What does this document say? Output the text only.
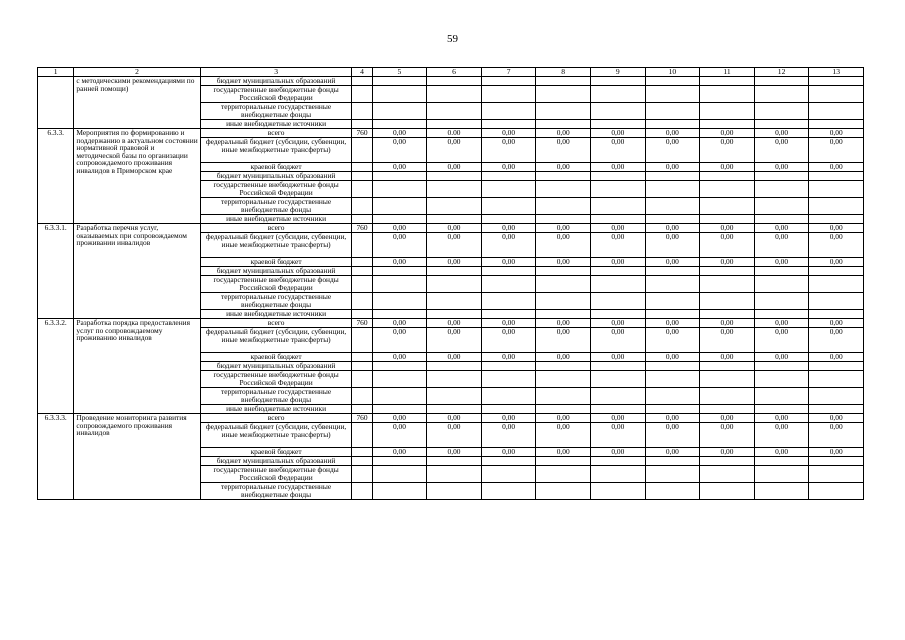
59
1	2	3	4	5	6	7	8	9	10	11	12	13
	с методическими рекомендациями по ранней помощи)	бюджет муниципальных образований										
		государственные внебюджетные фонды Российской Федерации										
		территориальные государственные внебюджетные фонды										
		иные внебюджетные источники										
6.3.3.	Мероприятия по формированию и поддержанию в актуальном состоянии нормативной правовой и методической базы по организации сопровождаемого проживания инвалидов в Приморском крае	всего	760	0,00	0.00	0,00	0,00	0,00	0,00	0,00	0,00	0,00
		федеральный бюджет (субсидии, субвенции, иные межбюджетные трансферты)		0,00	0,00	0,00	0,00	0,00	0,00	0,00	0,00	0,00
		краевой бюджет		0,00	0,00	0,00	0,00	0,00	0,00	0,00	0,00	0,00
		бюджет муниципальных образований										
		государственные внебюджетные фонды Российской Федерации										
		территориальные государственные внебюджетные фонды										
		иные внебюджетные источники										
6.3.3.1.	Разработка перечня услуг, оказываемых при сопровождаемом проживании инвалидов	всего	760	0,00	0,00	0,00	0,00	0,00	0,00	0,00	0,00	0,00
		федеральный бюджет (субсидии, субвенции, иные межбюджетные трансферты)		0,00	0,00	0,00	0,00	0,00	0,00	0,00	0,00	0,00
		краевой бюджет		0,00	0,00	0,00	0,00	0,00	0,00	0,00	0,00	0,00
		бюджет муниципальных образований										
		государственные внебюджетные фонды Российской Федерации										
		территориальные государственные внебюджетные фонды										
		иные внебюджетные источники										
6.3.3.2.	Разработка порядка предоставления услуг по сопровождаемому проживанию инвалидов	всего	760	0,00	0,00	0,00	0,00	0,00	0,00	0,00	0,00	0,00
		федеральный бюджет (субсидии, субвенции, иные межбюджетные трансферты)		0,00	0,00	0,00	0,00	0,00	0,00	0,00	0,00	0,00
		краевой бюджет		0,00	0,00	0,00	0,00	0,00	0,00	0,00	0,00	0,00
		бюджет муниципальных образований										
		государственные внебюджетные фонды Российской Федерации										
		территориальные государственные внебюджетные фонды										
		иные внебюджетные источники										
6.3.3.3.	Проведение мониторинга развития сопровождаемого проживания инвалидов	всего	760	0,00	0,00	0,00	0,00	0,00	0,00	0,00	0,00	0,00
		федеральный бюджет (субсидии, субвенции, иные межбюджетные трансферты)		0,00	0,00	0,00	0,00	0,00	0,00	0,00	0,00	0,00
		краевой бюджет		0,00	0,00	0,00	0,00	0,00	0,00	0,00	0,00	0,00
		бюджет муниципальных образований										
		государственные внебюджетные фонды Российской Федерации										
		территориальные государственные внебюджетные фонды										
